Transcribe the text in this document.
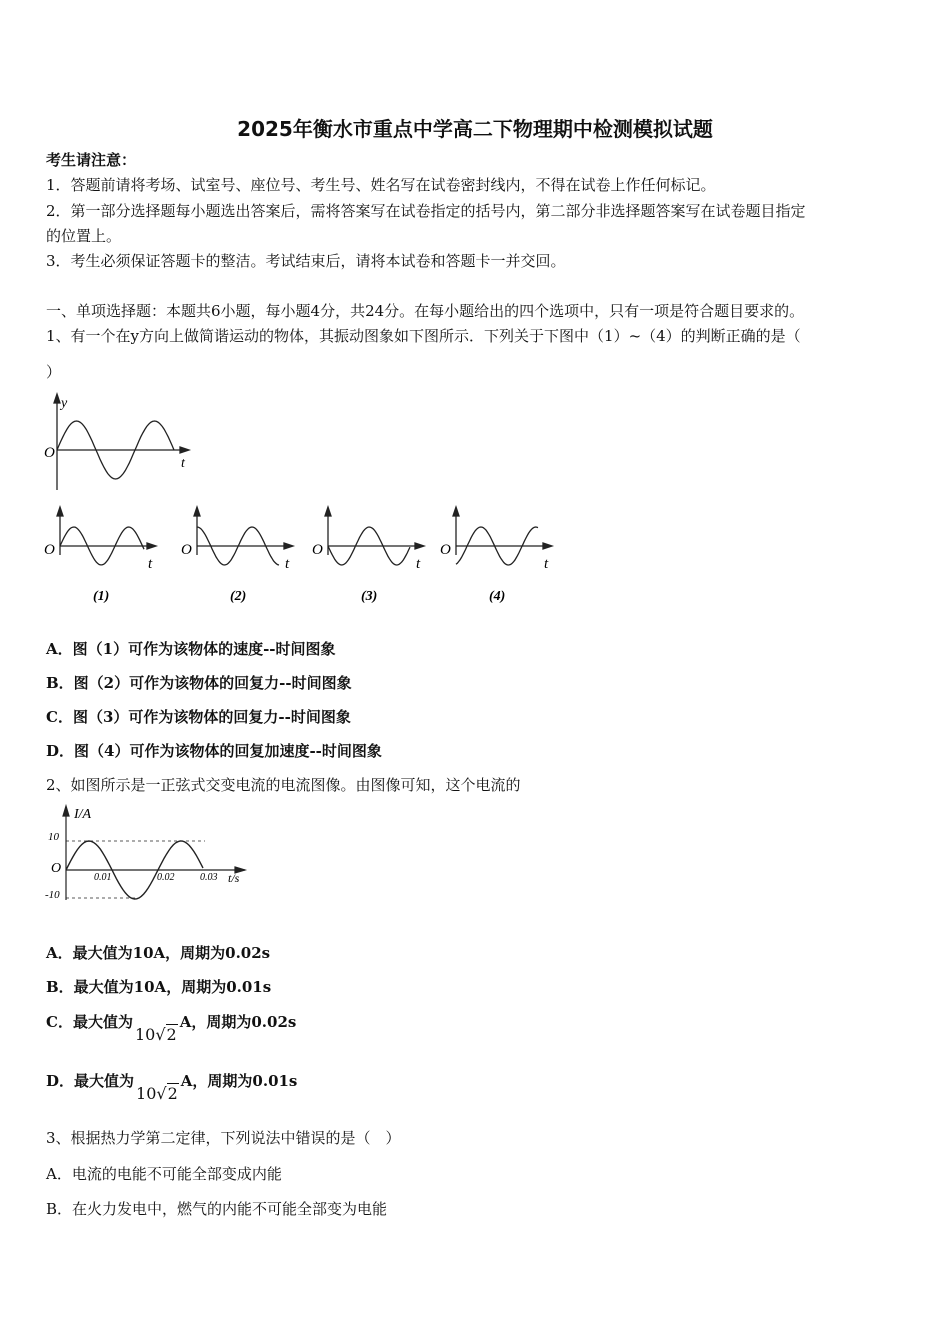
2025年衡水市重点中学高二下物理期中检测模拟试题
考生请注意：
1．答题前请将考场、试室号、座位号、考生号、姓名写在试卷密封线内，不得在试卷上作任何标记。
2．第一部分选择题每小题选出答案后，需将答案写在试卷指定的括号内，第二部分非选择题答案写在试卷题目指定
的位置上。
3．考生必须保证答题卡的整洁。考试结束后，请将本试卷和答题卡一并交回。
一、单项选择题：本题共6小题，每小题4分，共24分。在每小题给出的四个选项中，只有一项是符合题目要求的。
1、有一个在y方向上做简谐运动的物体，其振动图象如下图所示．下列关于下图中（1）~（4）的判断正确的是（
）
y
O
t
O
t
(1)
O
t
(2)
O
t
(3)
O
t
(4)
A．图（1）可作为该物体的速度--时间图象
B．图（2）可作为该物体的回复力--时间图象
C．图（3）可作为该物体的回复力--时间图象
D．图（4）可作为该物体的回复加速度--时间图象
2、如图所示是一正弦式交变电流的电流图像。由图像可知，这个电流的
I/A
10
-10
O
0.01	0.02	0.03 t/s
A．最大值为10A，周期为0.02s
B．最大值为10A，周期为0.01s
C．最大值为10√2A，周期为0.02s
D．最大值为10√2A，周期为0.01s
3、根据热力学第二定律，下列说法中错误的是（　）
A．电流的电能不可能全部变成内能
B．在火力发电中，燃气的内能不可能全部变为电能
